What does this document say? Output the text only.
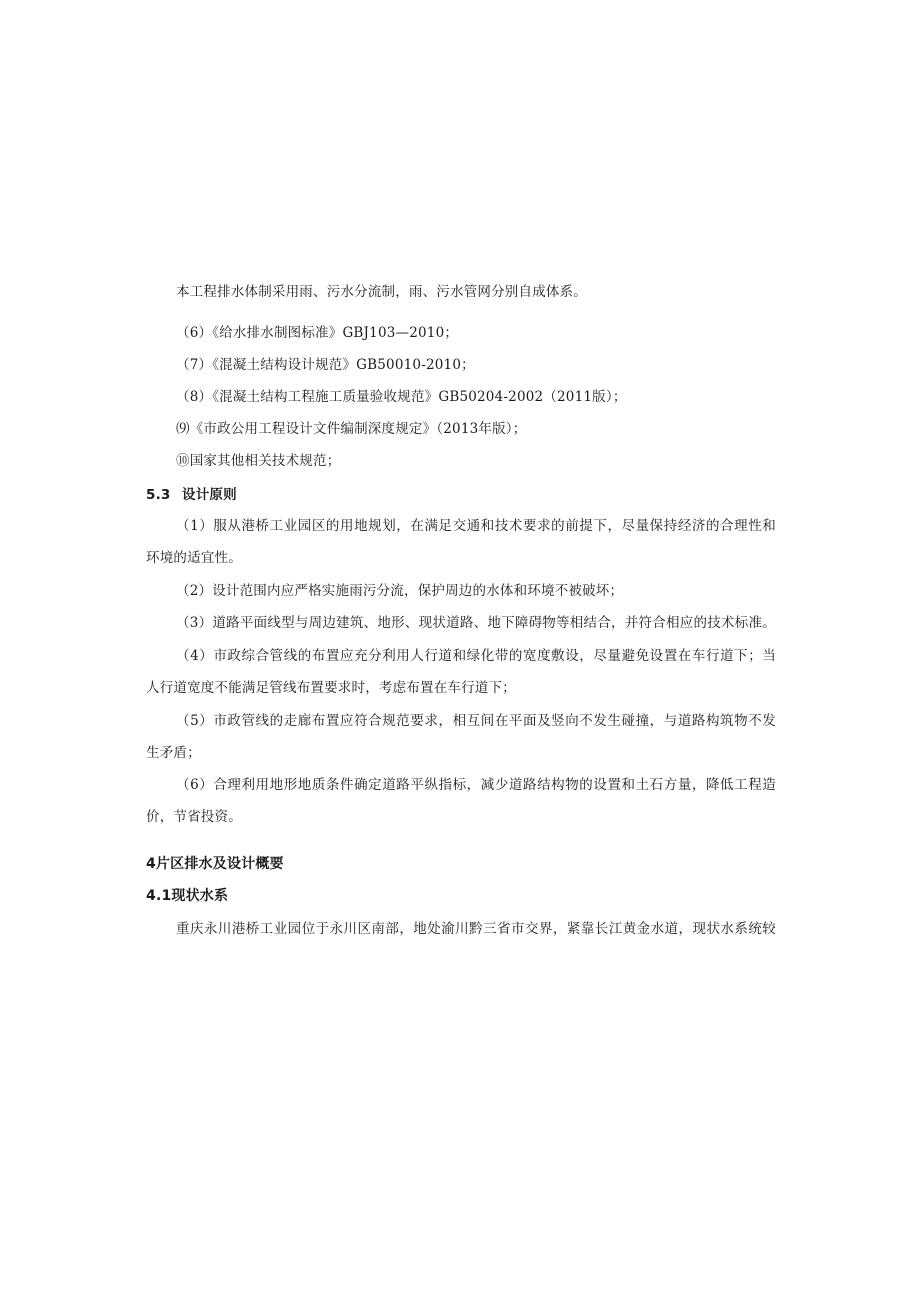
本工程排水体制采用雨、污水分流制，雨、污水管网分别自成体系。
（6）《给水排水制图标准》GBJ103—2010；
（7）《混凝土结构设计规范》GB50010-2010；
（8）《混凝土结构工程施工质量验收规范》GB50204-2002（2011版）；
⑼《市政公用工程设计文件编制深度规定》（2013年版）；
⑩国家其他相关技术规范；
5.3 设计原则
（1）服从港桥工业园区的用地规划，在满足交通和技术要求的前提下，尽量保持经济的合理性和
环境的适宜性。
（2）设计范围内应严格实施雨污分流，保护周边的水体和环境不被破坏；
（3）道路平面线型与周边建筑、地形、现状道路、地下障碍物等相结合，并符合相应的技术标准。
（4）市政综合管线的布置应充分利用人行道和绿化带的宽度敷设，尽量避免设置在车行道下；当
人行道宽度不能满足管线布置要求时，考虑布置在车行道下；
（5）市政管线的走廊布置应符合规范要求，相互间在平面及竖向不发生碰撞，与道路构筑物不发
生矛盾；
（6）合理利用地形地质条件确定道路平纵指标，减少道路结构物的设置和土石方量，降低工程造
价，节省投资。
4片区排水及设计概要
4.1现状水系
重庆永川港桥工业园位于永川区南部，地处渝川黔三省市交界，紧靠长江黄金水道，现状水系统较
